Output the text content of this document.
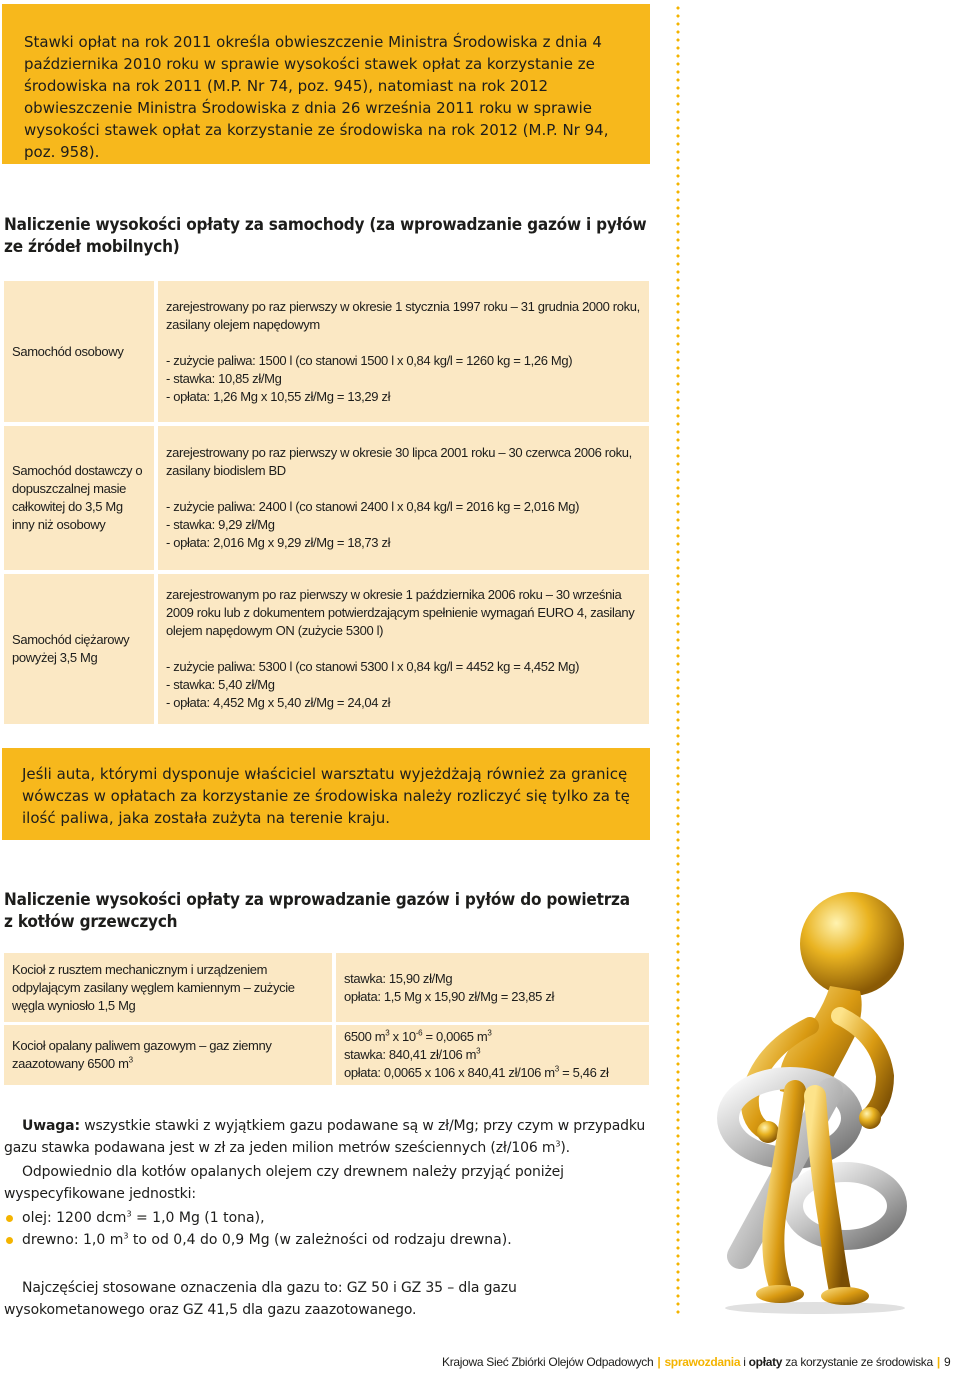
Stawki opłat na rok 2011 określa obwieszczenie Ministra Środowiska z dnia 4 października 2010 roku w sprawie wysokości stawek opłat za korzystanie ze środowiska na rok 2011 (M.P. Nr 74, poz. 945), natomiast na rok 2012 obwieszczenie Ministra Środowiska z dnia 26 września 2011 roku w sprawie wysokości stawek opłat za korzystanie ze środowiska na rok 2012 (M.P. Nr 94, poz. 958).

Naliczenie wysokości opłaty za samochody (za wprowadzanie gazów i pyłów
ze źródeł mobilnych)
Samochód osobowy
zarejestrowany po raz pierwszy w okresie 1 stycznia 1997 roku – 31 grudnia 2000 roku, zasilany olejem napędowym
- zużycie paliwa: 1500 l (co stanowi 1500 l x 0,84 kg/l = 1260 kg = 1,26 Mg)
- stawka: 10,85 zł/Mg
- opłata: 1,26 Mg x 10,55 zł/Mg = 13,29 zł
Samochód dostawczy o dopuszczalnej masie całkowitej do 3,5 Mg inny niż osobowy
zarejestrowany po raz pierwszy w okresie 30 lipca 2001 roku – 30 czerwca 2006 roku, zasilany biodislem BD
- zużycie paliwa: 2400 l (co stanowi 2400 l x 0,84 kg/l = 2016 kg = 2,016 Mg)
- stawka: 9,29 zł/Mg
- opłata: 2,016 Mg x 9,29 zł/Mg = 18,73 zł
Samochód ciężarowy powyżej 3,5 Mg
zarejestrowanym po raz pierwszy w okresie 1 października 2006 roku – 30 września 2009 roku lub z dokumentem potwierdzającym spełnienie wymagań EURO 4, zasilany olejem napędowym ON (zużycie 5300 l)
- zużycie paliwa: 5300 l (co stanowi 5300 l x 0,84 kg/l = 4452 kg = 4,452 Mg)
- stawka: 5,40 zł/Mg
- opłata: 4,452 Mg x 5,40 zł/Mg = 24,04 zł

Jeśli auta, którymi dysponuje właściciel warsztatu wyjeżdżają również za granicę wówczas w opłatach za korzystanie ze środowiska należy rozliczyć się tylko za tę ilość paliwa, jaka została zużyta na terenie kraju.

Naliczenie wysokości opłaty za wprowadzanie gazów i pyłów do powietrza
z kotłów grzewczych
Kocioł z rusztem mechanicznym i urządzeniem odpylającym zasilany węglem kamiennym – zużycie węgla wyniosło 1,5 Mg
stawka: 15,90 zł/Mg
opłata: 1,5 Mg x 15,90 zł/Mg = 23,85 zł
Kocioł opalany paliwem gazowym – gaz ziemny zaazotowany 6500 $m^3$
6500 $m^3$ x $10^{-6} = 0,0065$ $m^3$
stawka: 840,41 zł/106 $m^3$
opłata: 0,0065 x 106 x 840,41 zł/106 $m^3 = 5,46$ zł

Uwaga: wszystkie stawki z wyjątkiem gazu podawane są w zł/Mg; przy czym w przypadku gazu stawka podawana jest w zł za jeden milion metrów sześciennych (zł/106 $m^3$).

Odpowiednio dla kotłów opalanych olejem czy drewnem należy przyjąć poniżej wyspecyfikowane jednostki:

olej: 1200 dcm$^3$ = 1,0 Mg (1 tona),
drewno: 1,0 $m^3$ to od 0,4 do 0,9 Mg (w zależności od rodzaju drewna).

Najczęściej stosowane oznaczenia dla gazu to: GZ 50 i GZ 35 – dla gazu wysokometanowego oraz GZ 41,5 dla gazu zaazotowanego.

Krajowa Sieć Zbiórki Olejów Odpadowych | sprawozdania i opłaty za korzystanie ze środowiska | 9
